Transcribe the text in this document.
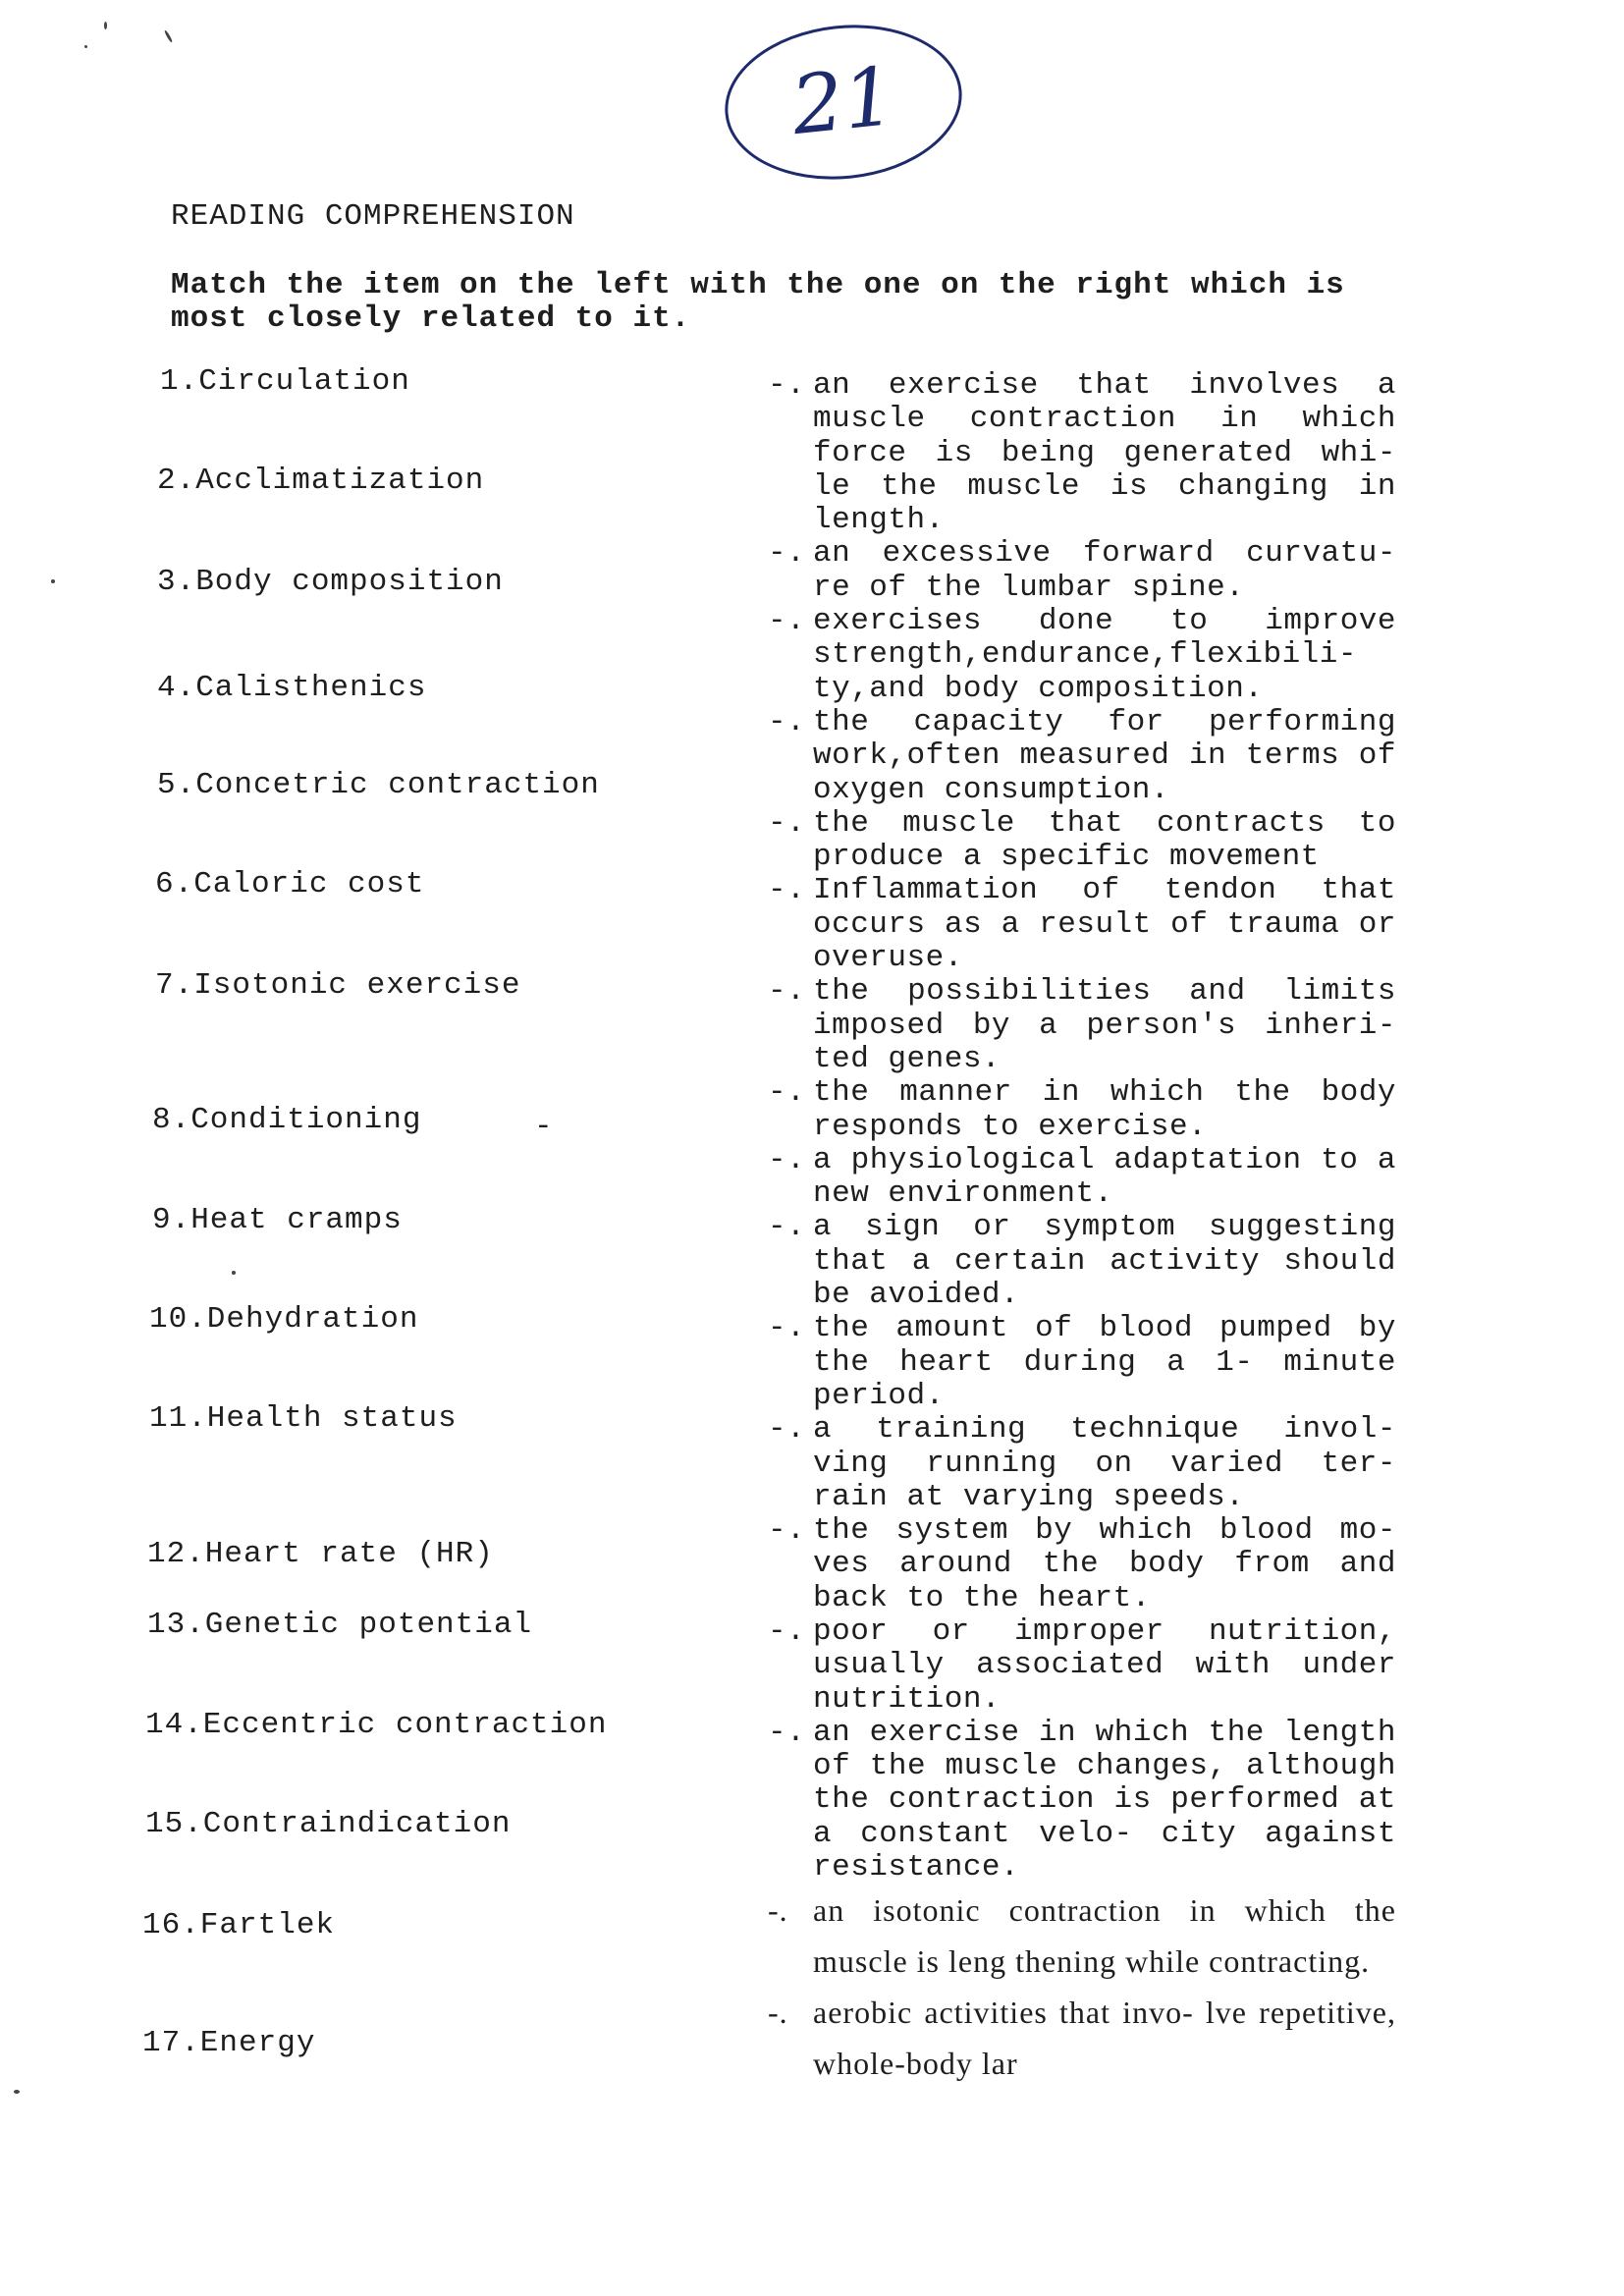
21
READING COMPREHENSION
Match the item on the left with the one on the right which is most closely related to it.
1.Circulation
2.Acclimatization
3.Body composition
4.Calisthenics
5.Concetric contraction
6.Caloric cost
7.Isotonic exercise
8.Conditioning
9.Heat cramps
10.Dehydration
11.Health status
12.Heart rate (HR)
13.Genetic potential
14.Eccentric contraction
15.Contraindication
16.Fartlek
17.Energy
-
-. an exercise that involves a muscle contraction in which force is being generated whi- le the muscle is changing in length.
-. an excessive forward curvatu- re of the lumbar spine.
-. exercises done to improve strength,endurance,flexibili- ty,and body composition.
-. the capacity for performing work,often measured in terms of oxygen consumption.
-. the muscle that contracts to produce a specific movement
-. Inflammation of tendon that occurs as a result of trauma or overuse.
-. the possibilities and limits imposed by a person's inheri- ted genes.
-. the manner in which the body responds to exercise.
-. a physiological adaptation to a new environment.
-. a sign or symptom suggesting that a certain activity should be avoided.
-. the amount of blood pumped by the heart during a 1- minute period.
-. a training technique invol- ving running on varied ter- rain at varying speeds.
-. the system by which blood mo- ves around the body from and back to the heart.
-. poor or improper nutrition, usually associated with under nutrition.
-. an exercise in which the length of the muscle changes, although the contraction is performed at a constant velo- city against resistance.
-. an isotonic contraction in which the muscle is leng thening while contracting.
-. aerobic activities that invo- lve repetitive, whole-body lar
